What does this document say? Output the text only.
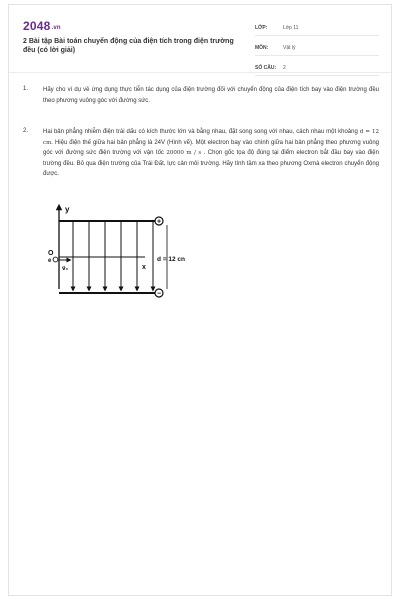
2048.vn
2 Bài tập Bài toán chuyển động của điện tích trong điện trường đều (có lời giải)
LỚP:	Lớp 11
MÔN:	Vật lý
SỐ CÂU:	2
1.	Hãy cho ví dụ về ứng dụng thực tiễn tác dụng của điện trường đối với chuyển động của điện tích bay vào điện trường đều theo phương vuông góc với đường sức.
2.	Hai bản phẳng nhiễm điện trái dấu có kích thước lớn và bằng nhau, đặt song song với nhau, cách nhau một khoảng d = 12 cm. Hiệu điện thế giữa hai bản phẳng là 24V (Hình vẽ). Một electron bay vào chính giữa hai bản phẳng theo phương vuông góc với đường sức điện trường với vận tốc 20000 m / s . Chọn gốc tọa độ đúng tại điểm electron bắt đầu bay vào điện trường đều. Bỏ qua điện trường của Trái Đất, lực cản môi trường. Hãy tính tầm xa theo phương Oxmà electron chuyển động được.
y
+
−
x
O
e
v⃗₀
d = 12 cn
